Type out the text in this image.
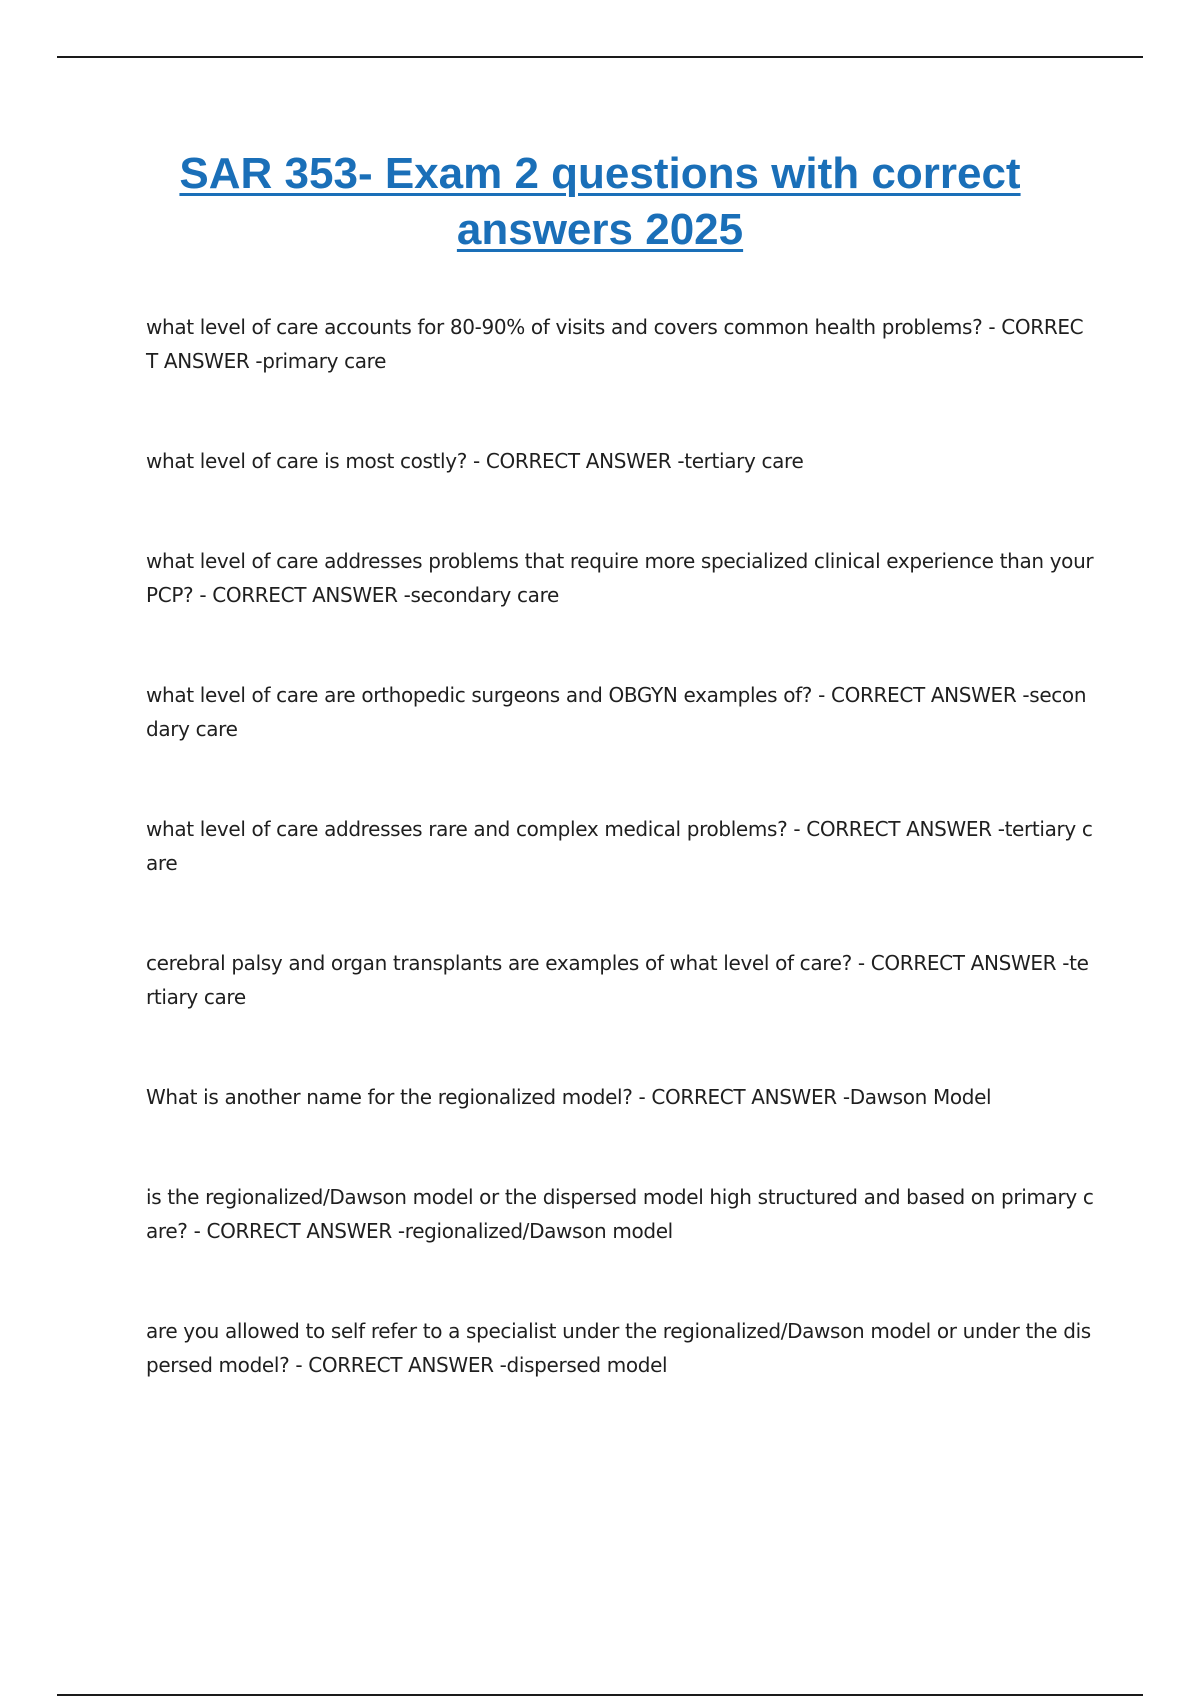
SAR 353- Exam 2 questions with correct answers 2025
what level of care accounts for 80-90% of visits and covers common health problems? - CORRECT ANSWER -primary care
what level of care is most costly? - CORRECT ANSWER -tertiary care
what level of care addresses problems that require more specialized clinical experience than your PCP? - CORRECT ANSWER -secondary care
what level of care are orthopedic surgeons and OBGYN examples of? - CORRECT ANSWER -secondary care
what level of care addresses rare and complex medical problems? - CORRECT ANSWER -tertiary care
cerebral palsy and organ transplants are examples of what level of care? - CORRECT ANSWER -tertiary care
What is another name for the regionalized model? - CORRECT ANSWER -Dawson Model
is the regionalized/Dawson model or the dispersed model high structured and based on primary care? - CORRECT ANSWER -regionalized/Dawson model
are you allowed to self refer to a specialist under the regionalized/Dawson model or under the dispersed model? - CORRECT ANSWER -dispersed model
